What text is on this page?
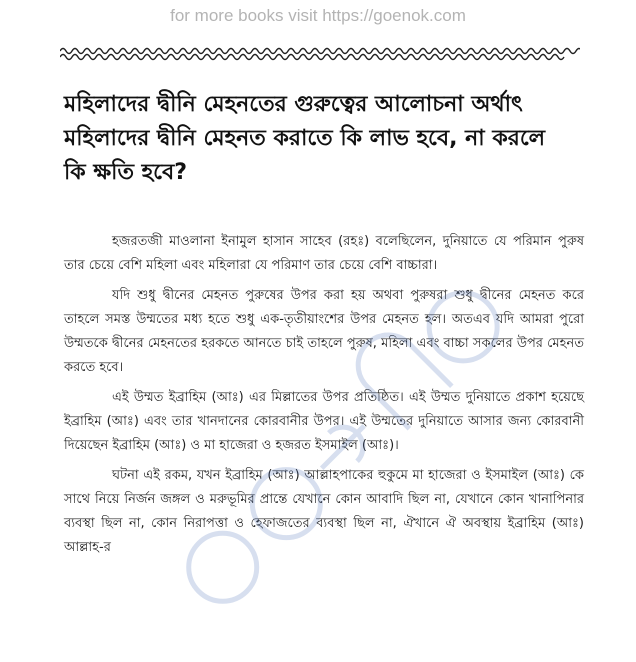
for more books visit https://goenok.com
মহিলাদের দ্বীনি মেহনতের গুরুত্বের আলোচনা অর্থাৎ
মহিলাদের দ্বীনি মেহনত করাতে কি লাভ হবে, না করলে
কি ক্ষতি হবে?

হজরতজী মাওলানা ইনামুল হাসান সাহেব (রহঃ) বলেছিলেন, দুনিয়াতে যে পরিমান পুরুষ তার চেয়ে বেশি মহিলা এবং মহিলারা যে পরিমাণ তার চেয়ে বেশি বাচ্চারা।

যদি শুধু দ্বীনের মেহনত পুরুষের উপর করা হয় অথবা পুরুষরা শুধু দ্বীনের মেহনত করে তাহলে সমস্ত উম্মতের মধ্য হতে শুধু এক-তৃতীয়াংশের উপর মেহনত হল। অতএব যদি আমরা পুরো উম্মতকে দ্বীনের মেহনতের হরকতে আনতে চাই তাহলে পুরুষ, মহিলা এবং বাচ্চা সকলের উপর মেহনত করতে হবে।

এই উম্মত ইব্রাহিম (আঃ) এর মিল্লাতের উপর প্রতিষ্ঠিত। এই উম্মত দুনিয়াতে প্রকাশ হয়েছে ইব্রাহিম (আঃ) এবং তার খানদানের কোরবানীর উপর। এই উম্মতের দুনিয়াতে আসার জন্য কোরবানী দিয়েছেন ইব্রাহিম (আঃ) ও মা হাজেরা ও হজরত ইসমাইল (আঃ)।

ঘটনা এই রকম, যখন ইব্রাহিম (আঃ) আল্লাহপাকের হুকুমে মা হাজেরা ও ইসমাইল (আঃ) কে সাথে নিয়ে নির্জন জঙ্গল ও মরুভূমির প্রান্তে যেখানে কোন আবাদি ছিল না, যেখানে কোন খানাপিনার ব্যবস্থা ছিল না, কোন নিরাপত্তা ও হেফাজতের ব্যবস্থা ছিল না, ঐখানে ঐ অবস্থায় ইব্রাহিম (আঃ) আল্লাহ-র
